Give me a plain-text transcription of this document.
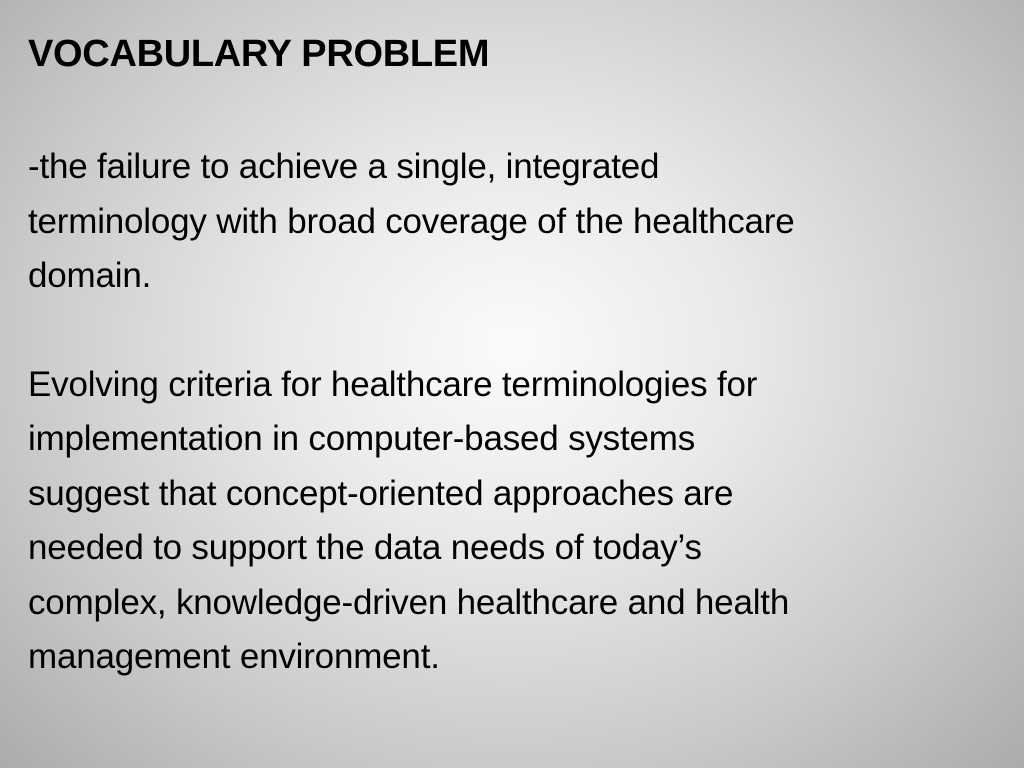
VOCABULARY PROBLEM

-the failure to achieve a single, integrated
terminology with broad coverage of the healthcare
domain.

Evolving criteria for healthcare terminologies for
implementation in computer-based systems
suggest that concept-oriented approaches are
needed to support the data needs of today’s
complex, knowledge-driven healthcare and health
management environment.
